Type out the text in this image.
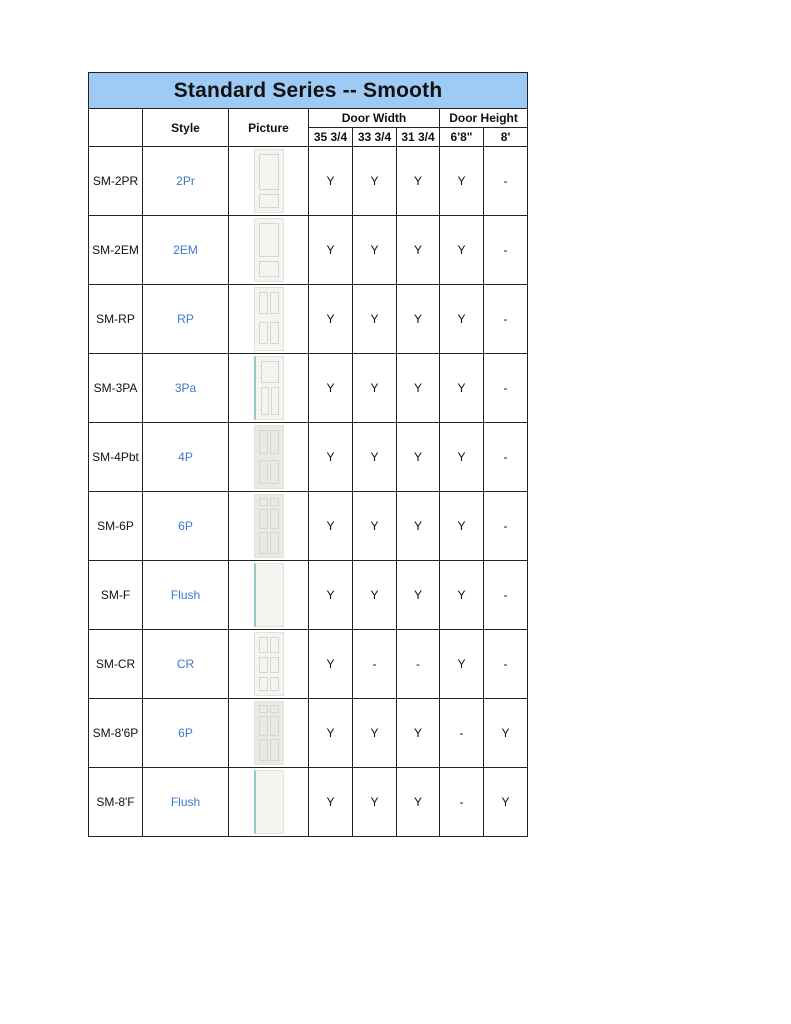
Standard Series -- Smooth							
	Style	Picture	Door Width			Door Height	
			35 3/4	33 3/4	31 3/4	6'8"	8'
SM-2PR	2Pr		Y	Y	Y	Y	-
SM-2EM	2EM		Y	Y	Y	Y	-
SM-RP	RP		Y	Y	Y	Y	-
SM-3PA	3Pa		Y	Y	Y	Y	-
SM-4Pbt	4P		Y	Y	Y	Y	-
SM-6P	6P		Y	Y	Y	Y	-
SM-F	Flush		Y	Y	Y	Y	-
SM-CR	CR		Y	-	-	Y	-
SM-8'6P	6P		Y	Y	Y	-	Y
SM-8'F	Flush		Y	Y	Y	-	Y
